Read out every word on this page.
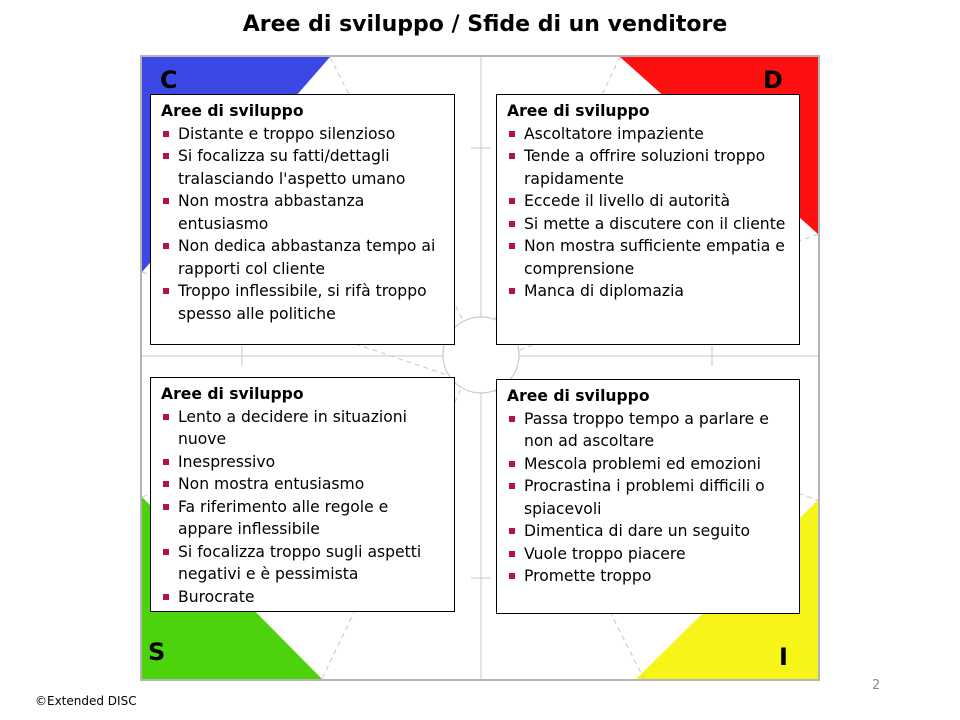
Aree di sviluppo / Sfide di un venditore
C	D
S	I
Aree di sviluppo
Distante e troppo silenzioso
Si focalizza su fatti/dettagli tralasciando l'aspetto umano
Non mostra abbastanza entusiasmo
Non dedica abbastanza tempo ai rapporti col cliente
Troppo inflessibile, si rifà troppo spesso alle politiche
Aree di sviluppo
Ascoltatore impaziente
Tende a offrire soluzioni troppo rapidamente
Eccede il livello di autorità
Si mette a discutere con il cliente
Non mostra sufficiente empatia e comprensione
Manca di diplomazia
Aree di sviluppo
Lento a decidere in situazioni nuove
Inespressivo
Non mostra entusiasmo
Fa riferimento alle regole e appare inflessibile
Si focalizza troppo sugli aspetti negativi e è pessimista
Burocrate
Aree di sviluppo
Passa troppo tempo a parlare e non ad ascoltare
Mescola problemi ed emozioni
Procrastina i problemi difficili o spiacevoli
Dimentica di dare un seguito
Vuole troppo piacere
Promette troppo
©Extended DISC
2
